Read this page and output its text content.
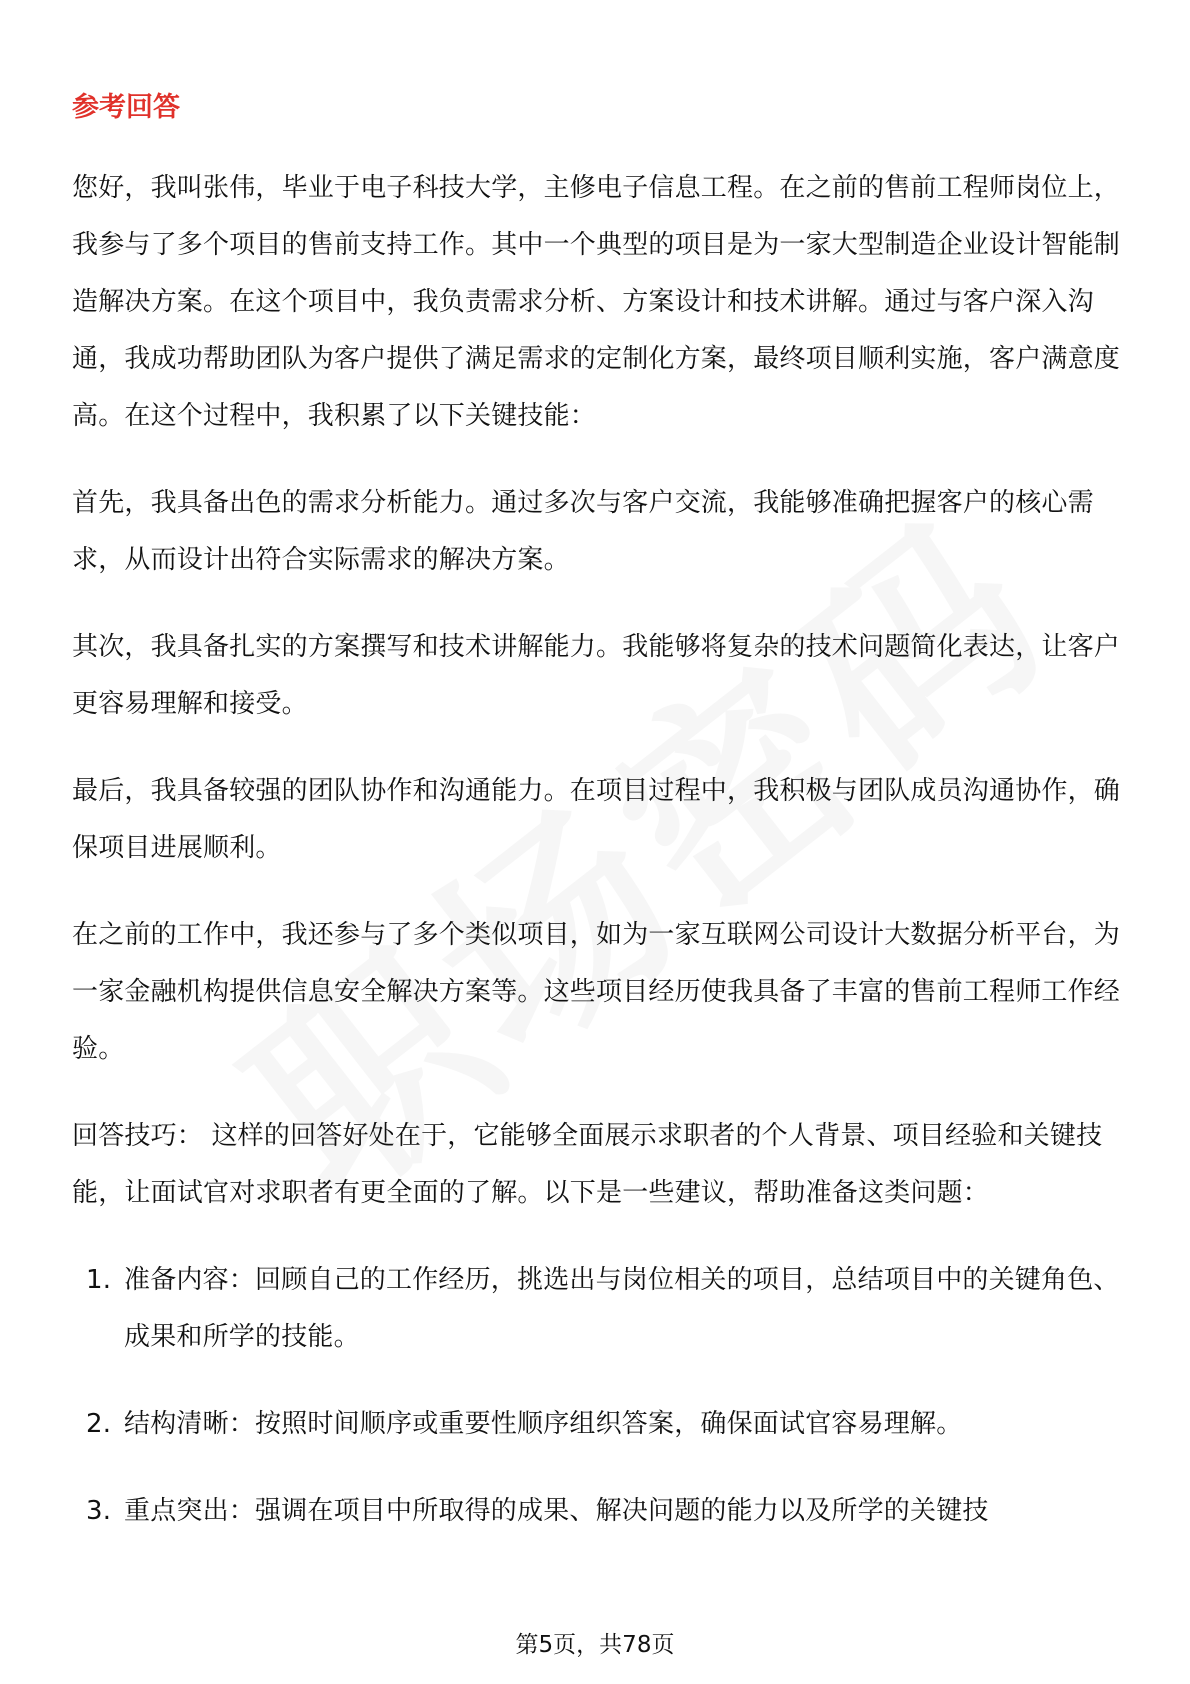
参考回答

您好，我叫张伟，毕业于电子科技大学，主修电子信息工程。在之前的售前工程师岗位上，我参与了多个项目的售前支持工作。其中一个典型的项目是为一家大型制造企业设计智能制造解决方案。在这个项目中，我负责需求分析、方案设计和技术讲解。通过与客户深入沟通，我成功帮助团队为客户提供了满足需求的定制化方案，最终项目顺利实施，客户满意度高。在这个过程中，我积累了以下关键技能：

首先，我具备出色的需求分析能力。通过多次与客户交流，我能够准确把握客户的核心需求，从而设计出符合实际需求的解决方案。

其次，我具备扎实的方案撰写和技术讲解能力。我能够将复杂的技术问题简化表达，让客户更容易理解和接受。

最后，我具备较强的团队协作和沟通能力。在项目过程中，我积极与团队成员沟通协作，确保项目进展顺利。

在之前的工作中，我还参与了多个类似项目，如为一家互联网公司设计大数据分析平台，为一家金融机构提供信息安全解决方案等。这些项目经历使我具备了丰富的售前工程师工作经验。

回答技巧： 这样的回答好处在于，它能够全面展示求职者的个人背景、项目经验和关键技能，让面试官对求职者有更全面的了解。以下是一些建议，帮助准备这类问题：

1. 准备内容：回顾自己的工作经历，挑选出与岗位相关的项目，总结项目中的关键角色、成果和所学的技能。
2. 结构清晰：按照时间顺序或重要性顺序组织答案，确保面试官容易理解。
3. 重点突出：强调在项目中所取得的成果、解决问题的能力以及所学的关键技
第5页，共78页
